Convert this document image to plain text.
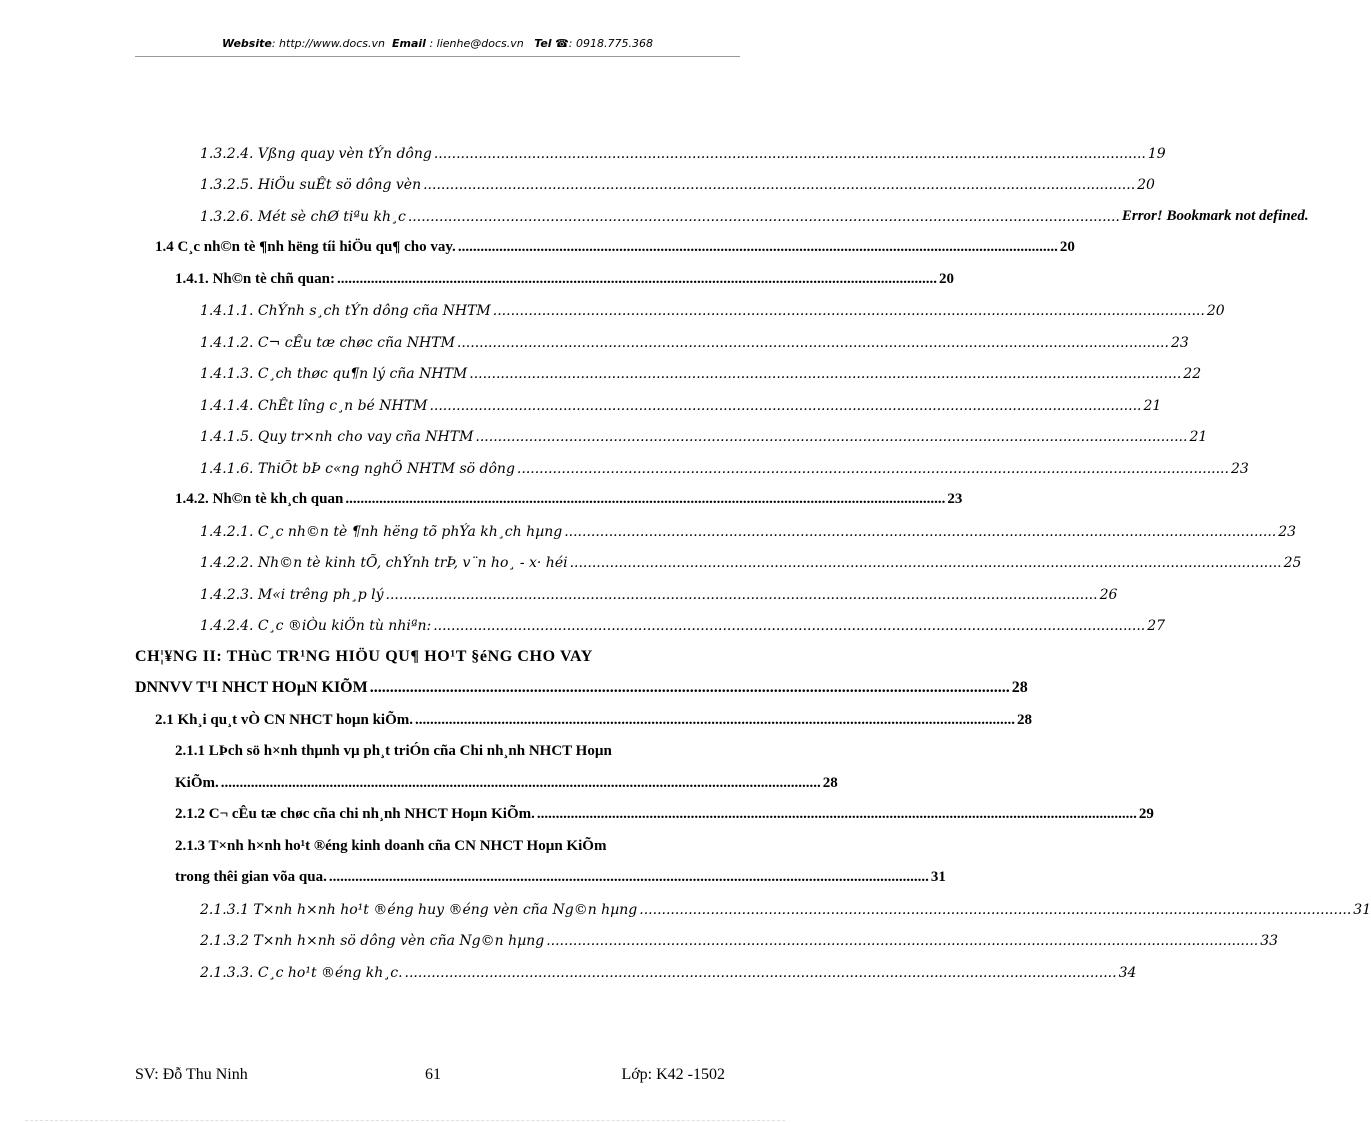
Website: http://www.docs.vn Email : lienhe@docs.vn Tel ☎: 0918.775.368
1.3.2.4. Vßng quay vèn tÝn dông ................................................................................................................................................................ 19
1.3.2.5. HiÖu suÊt sö dông vèn ................................................................................................................................................................ 20
1.3.2.6. Mét sè chØ tiªu kh¸c ................................................................................................................................................................ Error! Bookmark not defined.
1.4 C¸c nh©n tè ¶nh hëng tíi hiÖu qu¶ cho vay. ................................................................................................................................................................ 20
1.4.1. Nh©n tè chñ quan: ................................................................................................................................................................ 20
1.4.1.1. ChÝnh s¸ch tÝn dông cña NHTM ................................................................................................................................................................ 20
1.4.1.2. C¬ cÊu tæ chøc cña NHTM ................................................................................................................................................................ 23
1.4.1.3. C¸ch thøc qu¶n lý cña NHTM ................................................................................................................................................................ 22
1.4.1.4. ChÊt lîng c¸n bé NHTM ................................................................................................................................................................ 21
1.4.1.5. Quy tr×nh cho vay cña NHTM ................................................................................................................................................................ 21
1.4.1.6. ThiÕt bÞ c«ng nghÖ NHTM sö dông ................................................................................................................................................................ 23
1.4.2. Nh©n tè kh¸ch quan ................................................................................................................................................................ 23
1.4.2.1. C¸c nh©n tè ¶nh hëng tõ phÝa kh¸ch hµng ................................................................................................................................................................ 23
1.4.2.2. Nh©n tè kinh tÕ, chÝnh trÞ, v¨n ho¸ - x· héi ................................................................................................................................................................ 25
1.4.2.3. M«i trêng ph¸p lý ................................................................................................................................................................ 26
1.4.2.4. C¸c ®iÒu kiÖn tù nhiªn: ................................................................................................................................................................ 27
CH¦¥NG II: THùC TR¹NG HIÖU QU¶ HO¹T §éNG CHO VAY
DNNVV T¹I NHCT HOµN KIÕM ................................................................................................................................................................ 28
2.1 Kh¸i qu¸t vÒ CN NHCT hoµn kiÕm. ................................................................................................................................................................ 28
2.1.1 LÞch sö h×nh thµnh vµ ph¸t triÓn cña Chi nh¸nh NHCT Hoµn
KiÕm. ................................................................................................................................................................ 28
2.1.2 C¬ cÊu tæ chøc cña chi nh¸nh NHCT Hoµn KiÕm. ................................................................................................................................................................ 29
2.1.3 T×nh h×nh ho¹t ®éng kinh doanh cña CN NHCT Hoµn KiÕm
trong thêi gian võa qua. ................................................................................................................................................................ 31
2.1.3.1 T×nh h×nh ho¹t ®éng huy ®éng vèn cña Ng©n hµng ................................................................................................................................................................ 31
2.1.3.2 T×nh h×nh sö dông vèn cña Ng©n hµng ................................................................................................................................................................ 33
2.1.3.3. C¸c ho¹t ®éng kh¸c. ................................................................................................................................................................ 34
SV: Đỗ Thu Ninh	61	Lớp: K42 -1502
